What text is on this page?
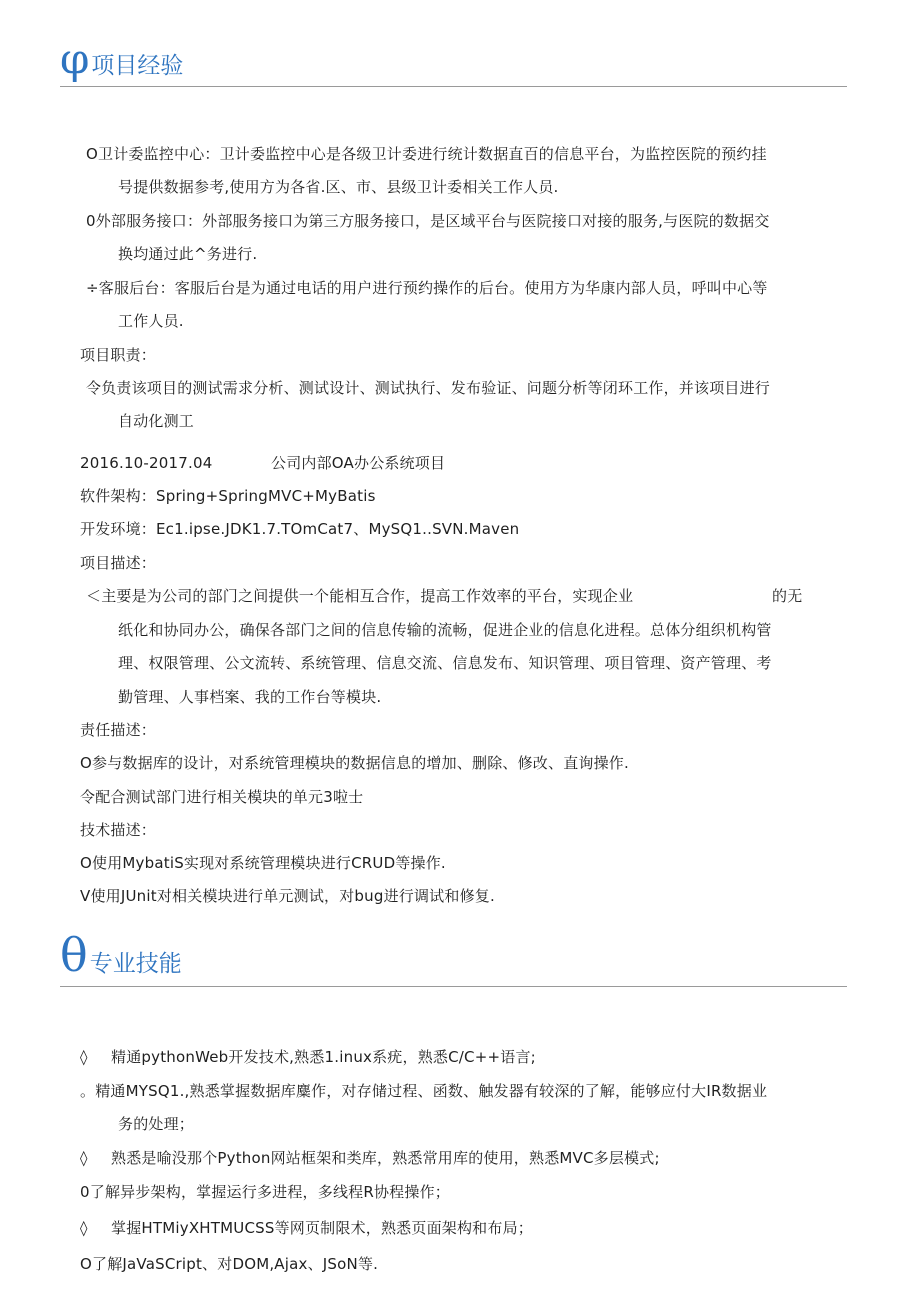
φ 项目经验
O卫计委监控中心：卫计委监控中心是各级卫计委进行统计数据直百的信息平台，为监控医院的预约挂
号提供数据参考,使用方为各省.区、市、县级卫计委相关工作人员.
0外部服务接口：外部服务接口为第三方服务接口，是区域平台与医院接口对接的服务,与医院的数据交
换均通过此^务进行.
÷客服后台：客服后台是为通过电话的用户进行预约操作的后台。使用方为华康内部人员，呼叫中心等
工作人员.
项目职责：
令负责该项目的测试需求分析、测试设计、测试执行、发布验证、问题分析等闭环工作，并该项目进行
自动化测工
2016.10-2017.04	公司内部OA办公系统项目
软件架构：Spring+SpringMVC+MyBatis
开发环境：Ec1.ipse.JDK1.7.TOmCat7、MySQ1..SVN.Maven
项目描述：
＜主要是为公司的部门之间提供一个能相互合作，提高工作效率的平台，实现企业	的无
纸化和协同办公，确保各部门之间的信息传输的流畅，促进企业的信息化进程。总体分组织机构管
理、权限管理、公文流转、系统管理、信息交流、信息发布、知识管理、项目管理、资产管理、考
勤管理、人事档案、我的工作台等模块.
责任描述：
O参与数据库的设计，对系统管理模块的数据信息的增加、删除、修改、直询操作.
令配合测试部门进行相关模块的单元3啦士
技术描述：
O使用MybatiS实现对系统管理模块进行CRUD等操作.
V使用JUnit对相关模块进行单元测试，对bug进行调试和修复.
θ 专业技能
◊ 精通pythonWeb开发技术,熟悉1.inux系疣，熟悉C/C++语言;
。精通MYSQ1.,熟悉掌握数据库麋作，对存储过程、函数、触发器有较深的了解，能够应付大IR数据业
务的处理；
◊ 熟悉是喻没那个Python网站框架和类库，熟悉常用库的使用，熟悉MVC多层模式;
0了解异步架构，掌握运行多进程，多线程R协程操作；
◊ 掌握HTMiyXHTMUCSS等网页制限术，熟悉页面架构和布局；
O了解JaVaSCript、对DOM,Ajax、JSoN等.
